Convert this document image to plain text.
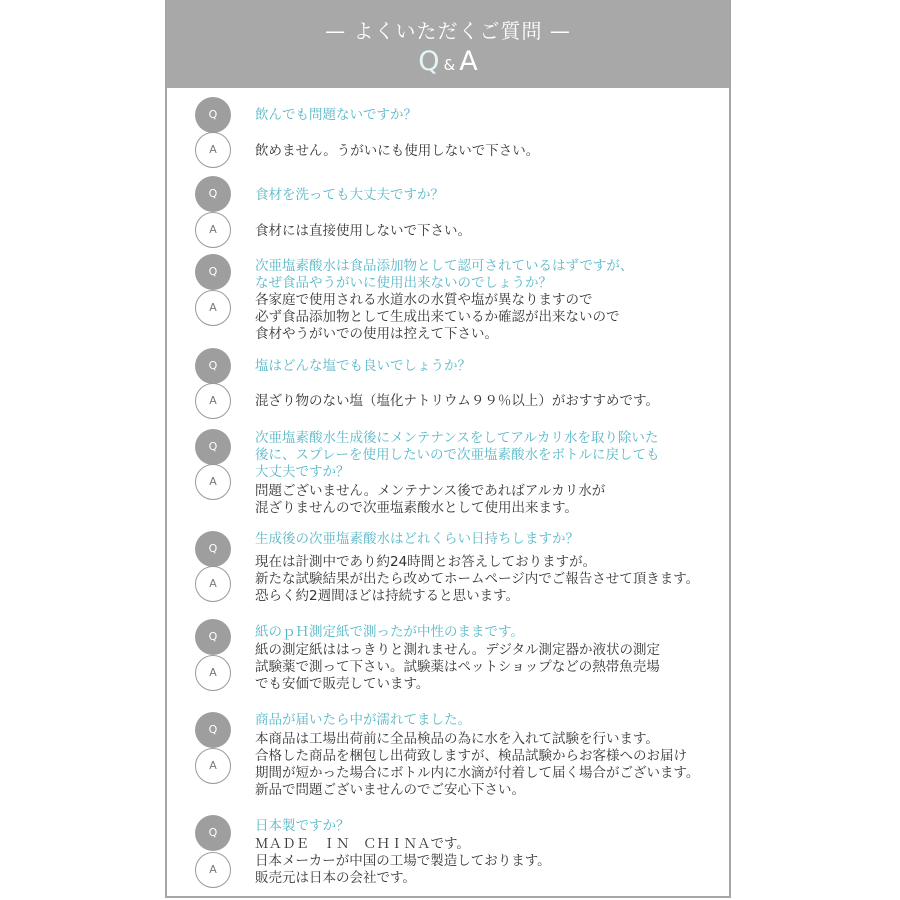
— よくいただくご質問 —
Q & A
Q	飲んでも問題ないですか？
A	飲めません。うがいにも使用しないで下さい。
Q	食材を洗っても大丈夫ですか？
A	食材には直接使用しないで下さい。
Q	次亜塩素酸水は食品添加物として認可されているはずですが、
なぜ食品やうがいに使用出来ないのでしょうか？
A	各家庭で使用される水道水の水質や塩が異なりますので
必ず食品添加物として生成出来ているか確認が出来ないので
食材やうがいでの使用は控えて下さい。
Q	塩はどんな塩でも良いでしょうか？
A	混ざり物のない塩（塩化ナトリウム９９％以上）がおすすめです。
Q
次亜塩素酸水生成後にメンテナンスをしてアルカリ水を取り除いた
後に、スプレーを使用したいので次亜塩素酸水をボトルに戻しても
大丈夫ですか？
A
問題ございません。メンテナンス後であればアルカリ水が
混ざりませんので次亜塩素酸水として使用出来ます。
Q
生成後の次亜塩素酸水はどれくらい日持ちしますか？
A
現在は計測中であり約24時間とお答えしておりますが。
新たな試験結果が出たら改めてホームページ内でご報告させて頂きます。
恐らく約2週間ほどは持続すると思います。
Q	紙のｐＨ測定紙で測ったが中性のままです。
A
紙の測定紙ははっきりと測れません。デジタル測定器か液状の測定
試験薬で測って下さい。試験薬はペットショップなどの熱帯魚売場
でも安価で販売しています。
Q
商品が届いたら中が濡れてました。
A
本商品は工場出荷前に全品検品の為に水を入れて試験を行います。
合格した商品を梱包し出荷致しますが、検品試験からお客様へのお届け
期間が短かった場合にボトル内に水滴が付着して届く場合がございます。
新品で問題ございませんのでご安心下さい。
Q	日本製ですか？
A
ＭＡＤＥ　ＩＮ　ＣＨＩＮＡです。
日本メーカーが中国の工場で製造しております。
販売元は日本の会社です。
